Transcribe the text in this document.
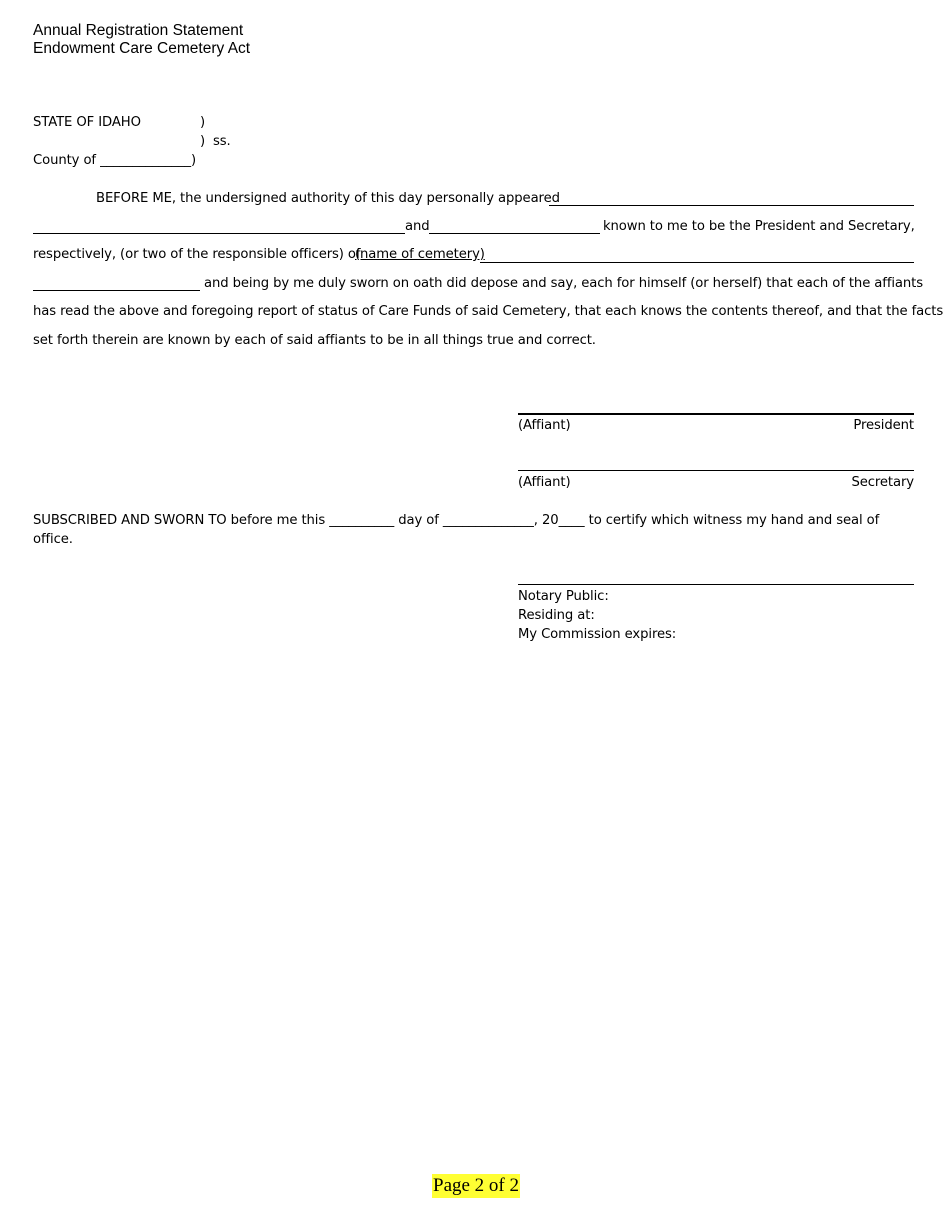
Annual Registration Statement
Endowment Care Cemetery Act
STATE OF IDAHO	)
) ss.
County of ______________)
BEFORE ME, the undersigned authority of this day personally appeared
and	known to me to be the President and Secretary,
respectively, (or two of the responsible officers) of
(name of cemetery)
and being by me duly sworn on oath did depose and say, each for himself (or herself) that each of the affiants
has read the above and foregoing report of status of Care Funds of said Cemetery, that each knows the contents thereof, and that the facts
set forth therein are known by each of said affiants to be in all things true and correct.
(Affiant)	President
(Affiant)	Secretary
SUBSCRIBED AND SWORN TO before me this __________ day of ______________, 20____ to certify which witness my hand and seal of
office.
Notary Public:
Residing at:
My Commission expires:
Page 2 of 2
